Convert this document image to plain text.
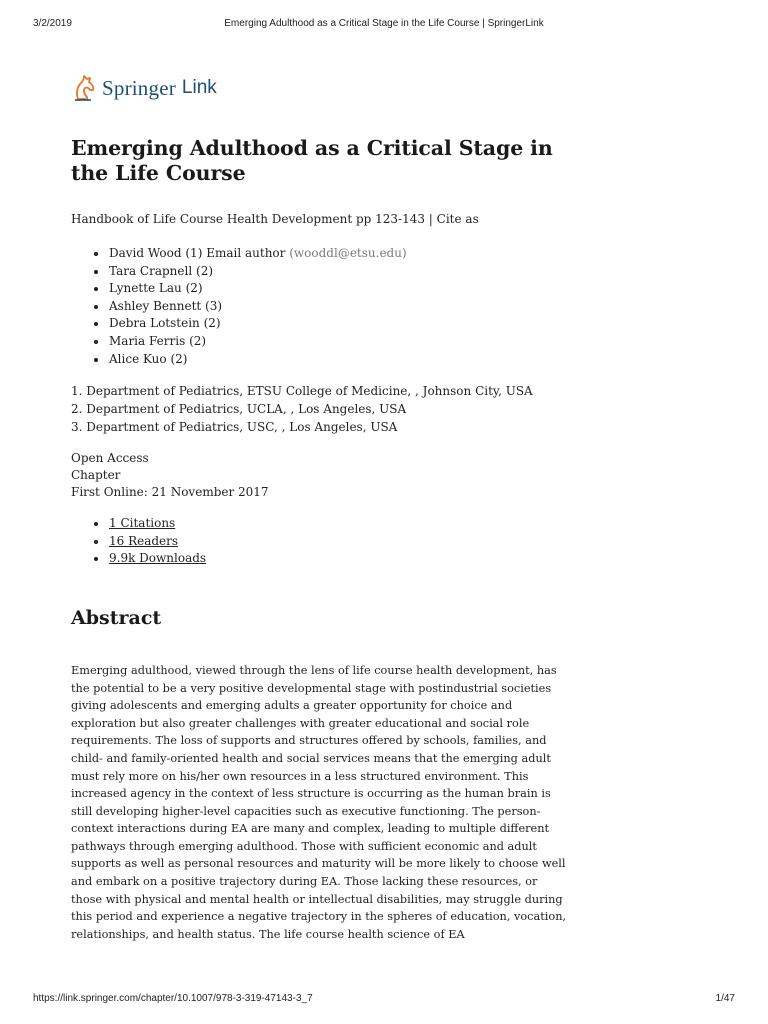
3/2/2019	Emerging Adulthood as a Critical Stage in the Life Course | SpringerLink
Springer Link
Emerging Adulthood as a Critical Stage in the Life Course
Handbook of Life Course Health Development pp 123-143 | Cite as
• David Wood (1) Email author (wooddl@etsu.edu)
• Tara Crapnell (2)
• Lynette Lau (2)
• Ashley Bennett (3)
• Debra Lotstein (2)
• Maria Ferris (2)
• Alice Kuo (2)
1. Department of Pediatrics, ETSU College of Medicine, , Johnson City, USA
2. Department of Pediatrics, UCLA, , Los Angeles, USA
3. Department of Pediatrics, USC, , Los Angeles, USA
Open Access
Chapter
First Online: 21 November 2017
• 1 Citations
• 16 Readers
• 9.9k Downloads
Abstract

Emerging adulthood, viewed through the lens of life course health development, has the potential to be a very positive developmental stage with postindustrial societies giving adolescents and emerging adults a greater opportunity for choice and exploration but also greater challenges with greater educational and social role requirements. The loss of supports and structures offered by schools, families, and child- and family-oriented health and social services means that the emerging adult must rely more on his/her own resources in a less structured environment. This increased agency in the context of less structure is occurring as the human brain is still developing higher-level capacities such as executive functioning. The person-context interactions during EA are many and complex, leading to multiple different pathways through emerging adulthood. Those with sufficient economic and adult supports as well as personal resources and maturity will be more likely to choose well and embark on a positive trajectory during EA. Those lacking these resources, or those with physical and mental health or intellectual disabilities, may struggle during this period and experience a negative trajectory in the spheres of education, vocation, relationships, and health status. The life course health science of EA

https://link.springer.com/chapter/10.1007/978-3-319-47143-3_7	1/47
